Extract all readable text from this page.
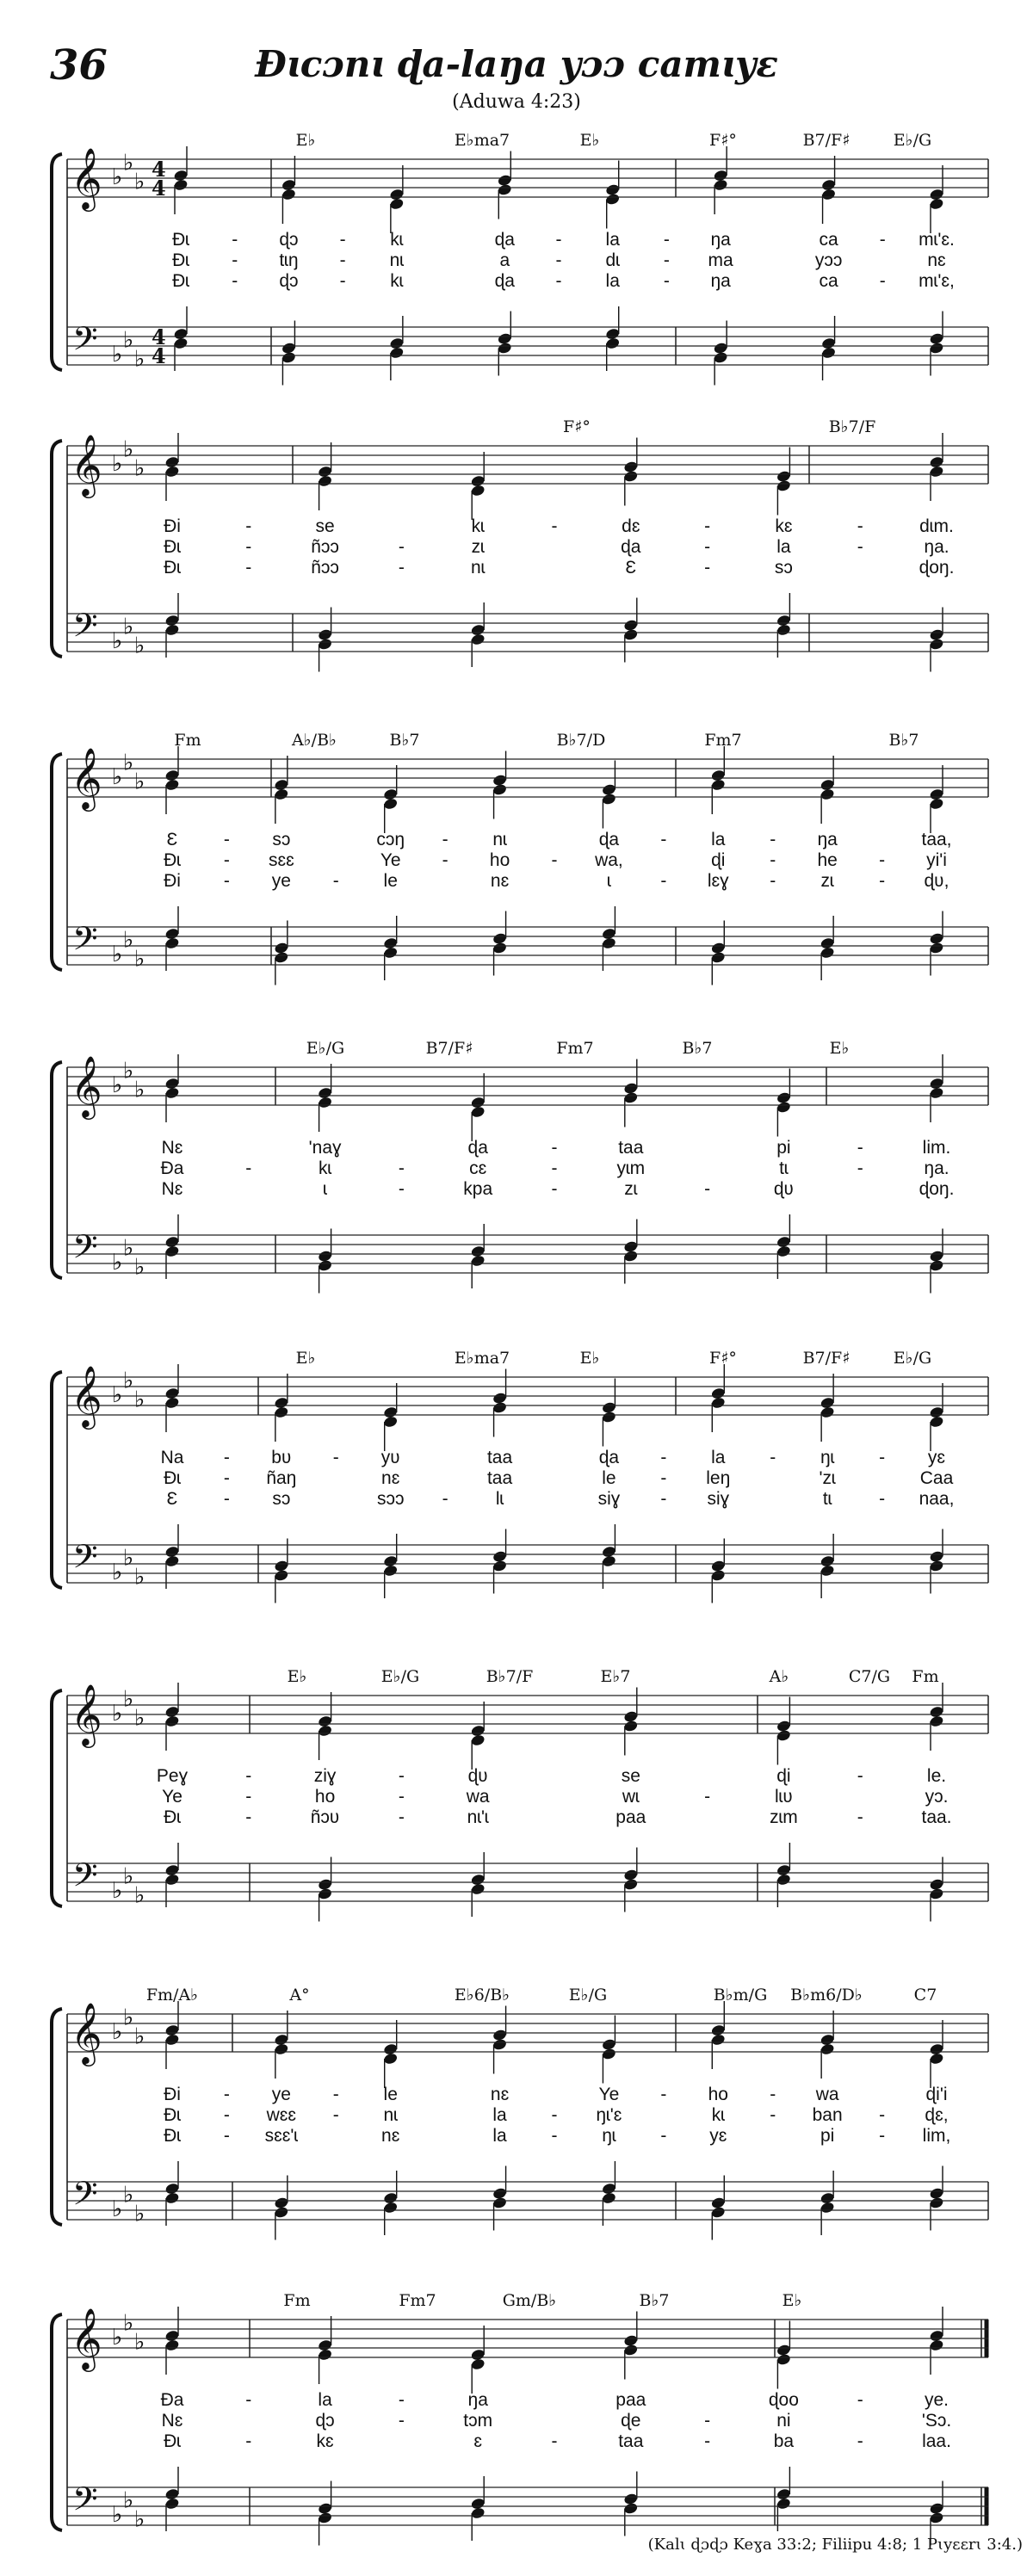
36	Ðɩcɔnɩ ɖa-laŋa yɔɔ camɩyɛ
(Aduwa 4:23)
E♭	E♭ma7	E♭	F♯°	B7/F♯	E♭/G
Ðɩ - ɖɔ - kɩ	ɖa - la - ŋa	ca - mɩ'ɛ.
Ðɩ - tɩŋ - nɩ	a	- dɩ - ma	yɔɔ	nɛ
Ðɩ - ɖɔ - kɩ	ɖa - la - ŋa	ca - mɩ'ɛ,
𝄞 ♭
♭
♭ 4
4
𝄢 ♭
♭
♭
4
4
F♯°	B♭7/F
Ði	-	se	kɩ	-	dɛ	-	kɛ	-	dɩm.
Ðɩ	-	ñɔɔ	-	zɩ	ɖa	-	la	-	ŋa.
Ðɩ	-	ñɔɔ	-	nɩ	Ɛ	-	sɔ	ɖoŋ.
𝄞 ♭
♭
♭
𝄢 ♭
♭
♭
Fm	A♭/B♭	B♭7	B♭7/D	Fm7	B♭7
Ɛ	- sɔ	cɔŋ - nɩ	ɖa - la - ŋa	taa,
Ðɩ - sɛɛ	Ye - ho - wa,	ɖi - he - yi'i
Ði - ye - le	nɛ	ɩ	- lɛɣ - zɩ - ɖʋ,
𝄞 ♭
♭
♭
𝄢 ♭
♭
♭
E♭/G	B7/F♯	Fm7	B♭7	E♭
Nɛ	'naɣ	ɖa	-	taa	pi	-	lim.
Ða	-	kɩ	-	cɛ	-	yɩm	tɩ	-	ŋa.
Nɛ	ɩ	-	kpa	-	zɩ	-	ɖʋ	ɖoŋ.
𝄞 ♭
♭
♭
𝄢 ♭
♭
♭
E♭	E♭ma7	E♭	F♯°	B7/F♯	E♭/G
Na - bʋ - yʋ	taa	ɖa - la - ŋɩ - yɛ
Ðɩ - ñaŋ	nɛ	taa	le - leŋ	'zɩ	Caa
Ɛ	- sɔ	sɔɔ -	lɩ	siɣ - siɣ	tɩ	- naa,
𝄞 ♭
♭
♭
𝄢 ♭
♭
♭
E♭	E♭/G	B♭7/F	E♭7	A♭	C7/G Fm
Peɣ	-	ziɣ	-	ɖʋ	se	ɖi	-	le.
Ye	-	ho	-	wa	wɩ	-	lɩʋ	yɔ.
Ðɩ	-	ñɔʋ	-	nɩ'ɩ	paa	zɩm	-	taa.
𝄞 ♭
♭
♭
𝄢 ♭
♭
♭
Fm/A♭	A°	E♭6/B♭	E♭/G	B♭m/G B♭m6/D♭	C7
Ði - ye - le	nɛ	Ye - ho - wa	ɖi'i
Ðɩ - wɛɛ - nɩ	la - ŋɩ'ɛ	kɩ - ban - ɖɛ,
Ðɩ - sɛɛ'ɩ	nɛ	la - ŋɩ - yɛ	pi - lim,
𝄞 ♭
♭
♭
𝄢 ♭
♭
♭
Fm	Fm7	Gm/B♭	B♭7	E♭
Ða	-	la	-	ŋa	paa	ɖoo	-	ye.
Nɛ	ɖɔ	-	tɔm	ɖe	-	ni	'Sɔ.
Ðɩ	-	kɛ	ɛ	-	taa	-	ba	-	laa.
𝄞 ♭
♭
♭
𝄢 ♭
♭
♭
(Kalɩ ɖɔɖɔ Keɣa 33:2; Filiipu 4:8; 1 Pɩyɛɛrɩ 3:4.)
